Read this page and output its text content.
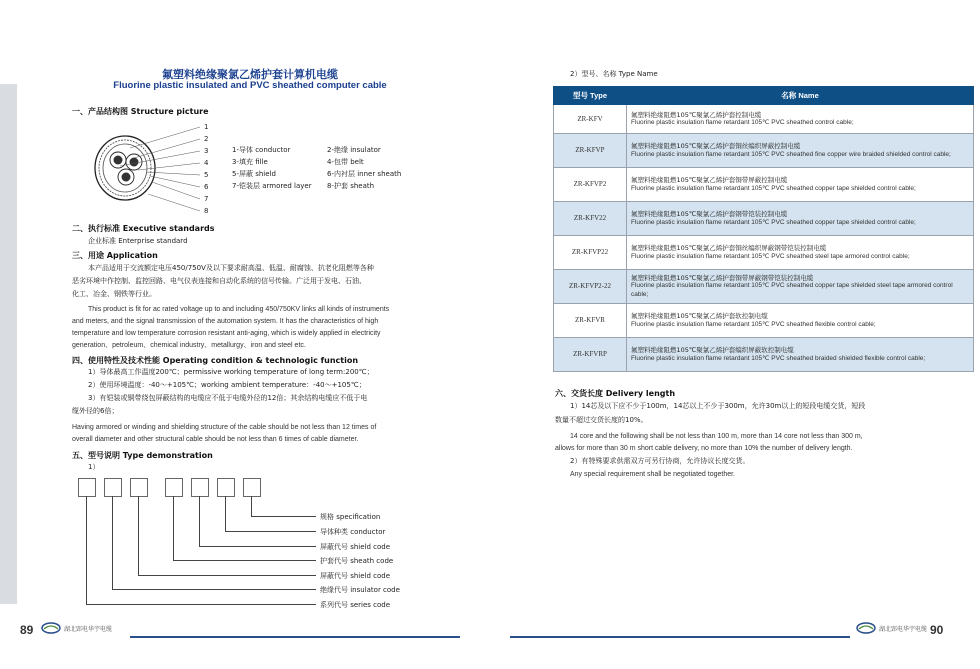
氟塑料绝缘聚氯乙烯护套计算机电缆
Fluorine plastic insulated and PVC sheathed computer cable
一、产品结构图 Structure picture
1
2
3
4
5
6
7
8
1-导体 conductor	2-绝缘 insulator
3-填充 fille	4-包带 belt
5-屏蔽 shield	6-内衬层 inner sheath
7-铠装层 armored layer 8-护套 sheath
二、执行标准 Executive standards
企业标准 Enterprise standard
三、用途 Application
本产品适用于交流额定电压450/750V及以下要求耐高温、低温、耐腐蚀、抗老化阻燃等各种
恶劣环境中作控制、监控回路、电气仪表连接和自动化系统的信号传输。广泛用于发电、石油、
化工、冶金、钢铁等行业。
This product is fit for ac rated voltage up to and including 450/750KV links all kinds of instruments
and meters, and the signal transmission of the automation system. It has the characteristics of high
temperature and low temperature corrosion resistant anti-aging, which is widely applied in electricity
generation、petroleum、chemical industry、metallurgy、iron and steel etc.
四、使用特性及技术性能 Operating condition & technologic function
1）导体最高工作温度200℃；permissive working temperature of long term:200℃；
2）使用环境温度：-40～+105℃；working ambient temperature：-40～+105℃；
3）有铠装或铜带绕包屏蔽结构的电缆应不低于电缆外径的12倍；其余结构电缆应不低于电
缆外径的6倍；
Having armored or winding and shielding structure of the cable should be not less than 12 times of
overall diameter and other structural cable should be not less than 6 times of cable diameter.
五、型号说明 Type demonstration
1）
规格 specification
导体种类 conductor
屏蔽代号 shield code
护套代号 sheath code
屏蔽代号 shield code
绝缘代号 insulator code
系列代号 series code
89	湖北郢电华宇电缆
2）型号、名称 Type Name
型号 Type	名称 Name
ZR-KFV	氟塑料绝缘阻燃105℃聚氯乙烯护套控制电缆
Fluorine plastic insulation flame retardant 105℃ PVC sheathed control cable;

ZR-KFVP	氟塑料绝缘阻燃105℃聚氯乙烯护套铜丝编织屏蔽控制电缆
Fluorine plastic insulation flame retardant 105℃ PVC sheathed fine copper wire braided shielded control cable;

ZR-KFVP2	氟塑料绝缘阻燃105℃聚氯乙烯护套铜带屏蔽控制电缆
Fluorine plastic insulation flame retardant 105℃ PVC sheathed copper tape shielded control cable;

ZR-KFV22	氟塑料绝缘阻燃105℃聚氯乙烯护套钢带铠装控制电缆
Fluorine plastic insulation flame retardant 105℃ PVC sheathed copper tape shielded control cable;

ZR-KFVP22	氟塑料绝缘阻燃105℃聚氯乙烯护套铜丝编织屏蔽钢带铠装控制电缆
Fluorine plastic insulation flame retardant 105℃ PVC sheathed steel tape armored control cable;

ZR-KFVP2-22	氟塑料绝缘阻燃105℃聚氯乙烯护套铜带屏蔽钢带铠装控制电缆
Fluorine plastic insulation flame retardant 105℃ PVC sheathed copper tape shielded steel tape armored control cable;

ZR-KFVR	氟塑料绝缘阻燃105℃聚氯乙烯护套软控制电缆
Fluorine plastic insulation flame retardant 105℃ PVC sheathed flexible control cable;

ZR-KFVRP	氟塑料绝缘阻燃105℃聚氯乙烯护套编织屏蔽软控制电缆
Fluorine plastic insulation flame retardant 105℃ PVC sheathed braided shielded flexible control cable;
六、交货长度 Delivery length
1）14芯及以下应不少于100m，14芯以上不少于300m，允许30m以上的短段电缆交货，短段
数量不超过交货长度的10%。
14 core and the following shall be not less than 100 m, more than 14 core not less than 300 m,
allows for more than 30 m short cable delivery, no more than 10% the number of delivery length.
2）有特殊要求供需双方可另行协商，允许协议长度交货。
Any special requirement shall be negotiated together.
湖北郢电华宇电缆 90
